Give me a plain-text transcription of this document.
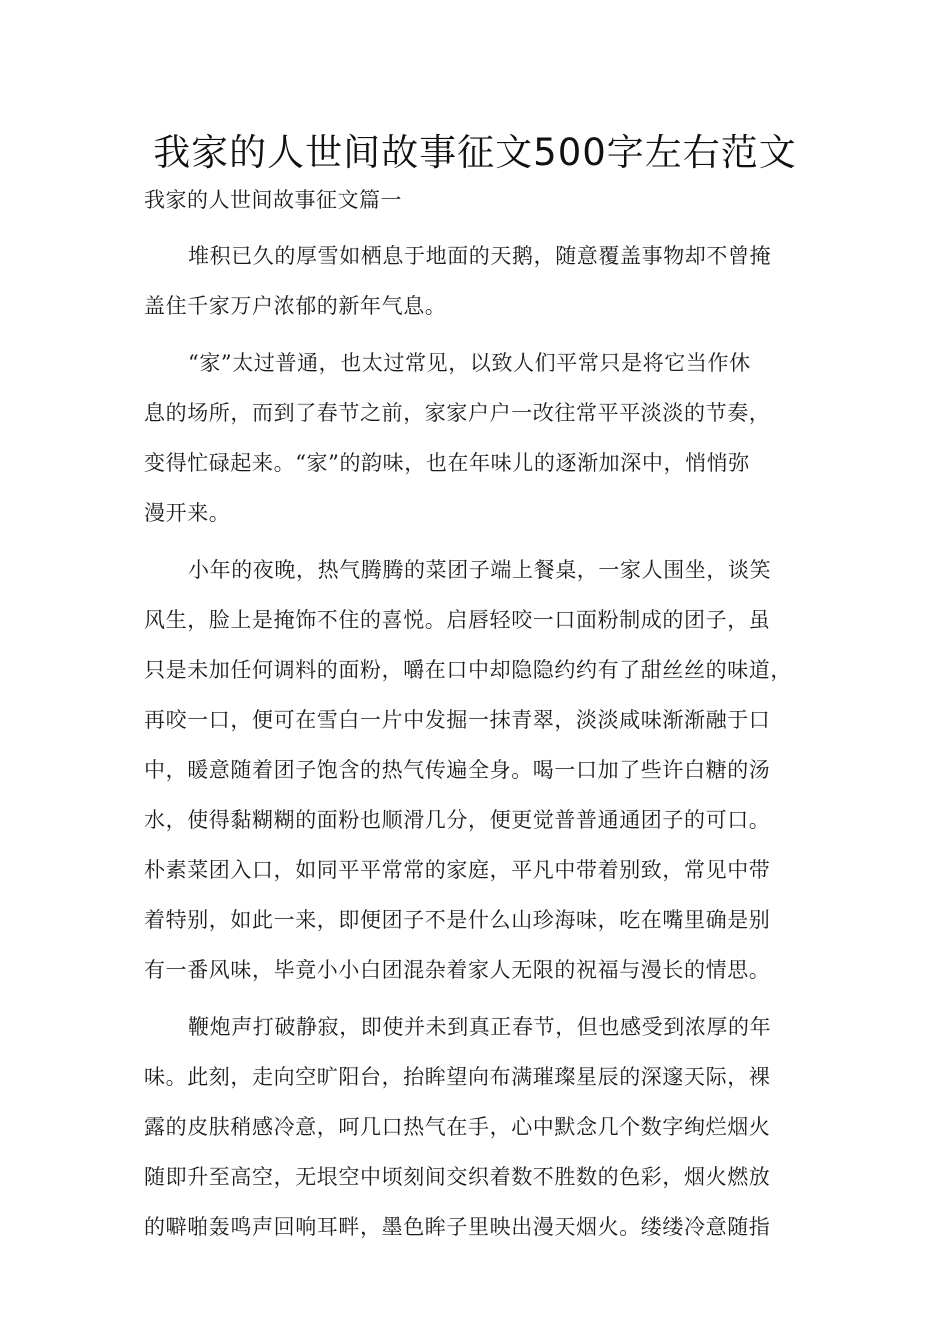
我家的人世间故事征文500字左右范文

我家的人世间故事征文篇一

堆积已久的厚雪如栖息于地面的天鹅，随意覆盖事物却不曾掩
盖住千家万户浓郁的新年气息。

“家”太过普通，也太过常见，以致人们平常只是将它当作休
息的场所，而到了春节之前，家家户户一改往常平平淡淡的节奏，
变得忙碌起来。“家”的韵味，也在年味儿的逐渐加深中，悄悄弥
漫开来。

小年的夜晚，热气腾腾的菜团子端上餐桌，一家人围坐，谈笑
风生，脸上是掩饰不住的喜悦。启唇轻咬一口面粉制成的团子，虽
只是未加任何调料的面粉，嚼在口中却隐隐约约有了甜丝丝的味道，
再咬一口，便可在雪白一片中发掘一抹青翠，淡淡咸味渐渐融于口
中，暖意随着团子饱含的热气传遍全身。喝一口加了些许白糖的汤
水，使得黏糊糊的面粉也顺滑几分，便更觉普普通通团子的可口。
朴素菜团入口，如同平平常常的家庭，平凡中带着别致，常见中带
着特别，如此一来，即便团子不是什么山珍海味，吃在嘴里确是别
有一番风味，毕竟小小白团混杂着家人无限的祝福与漫长的情思。

鞭炮声打破静寂，即使并未到真正春节，但也感受到浓厚的年
味。此刻，走向空旷阳台，抬眸望向布满璀璨星辰的深邃天际，裸
露的皮肤稍感冷意，呵几口热气在手，心中默念几个数字绚烂烟火
随即升至高空，无垠空中顷刻间交织着数不胜数的色彩，烟火燃放
的噼啪轰鸣声回响耳畔，墨色眸子里映出漫天烟火。缕缕冷意随指
